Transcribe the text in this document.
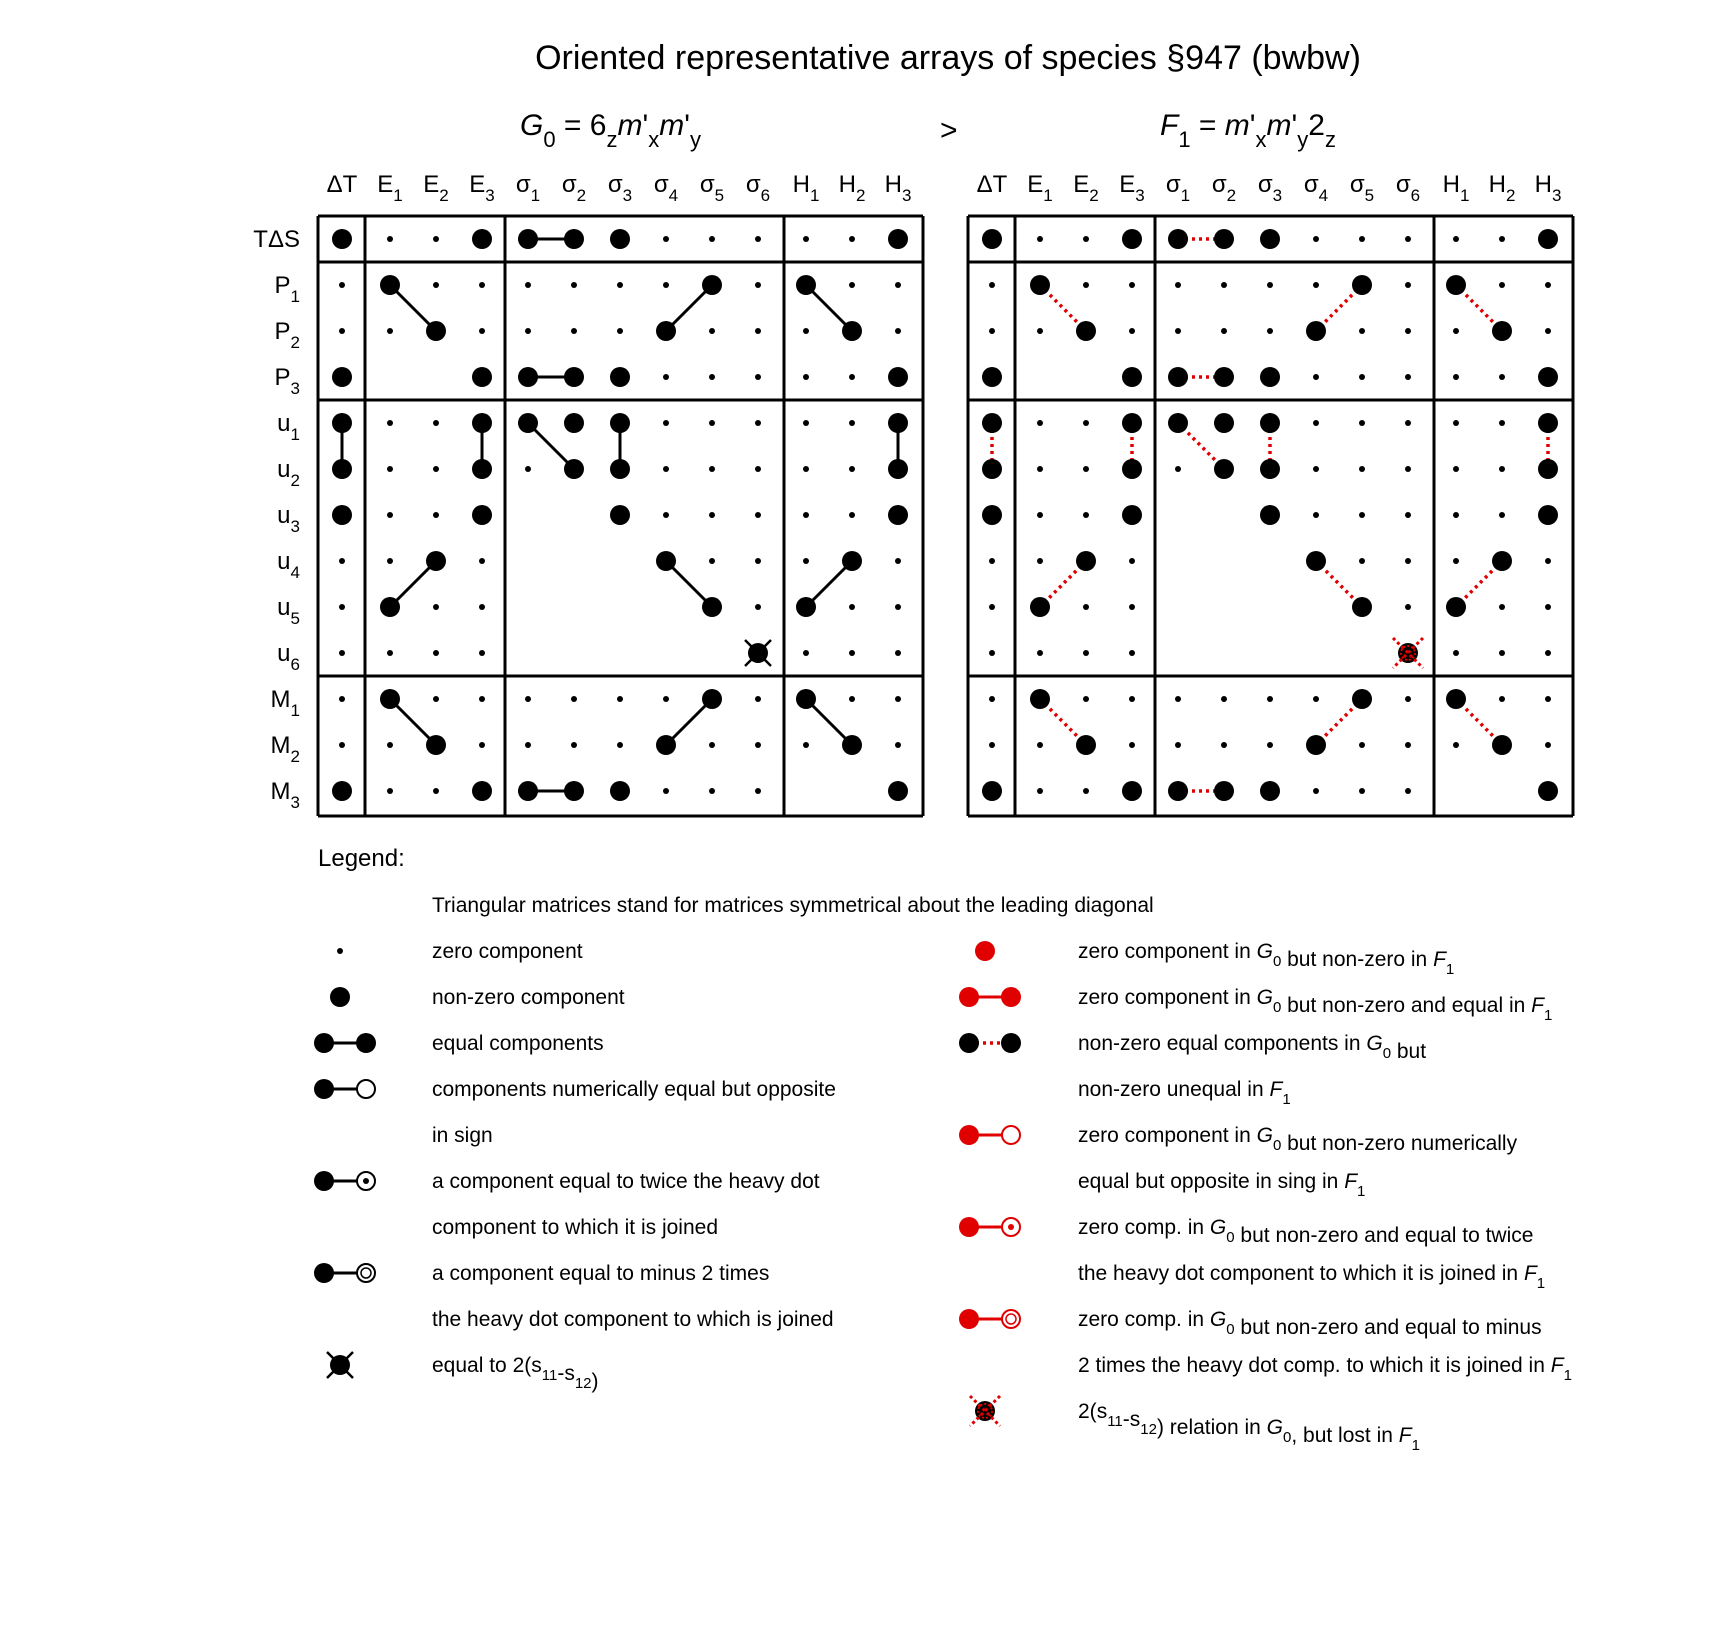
Oriented representative arrays of species §947 (bwbw)
$G_0 = 6_zm'_xm'_y$	>	$F_1 = m'_xm'_y2_z$
ΔT $E_1$ $E_2$ $E_3$ $\sigma_1$ $\sigma_2$ $\sigma_3$ $\sigma_4$ $\sigma_5$ $\sigma_6$ $H_1$ $H_2$ $H_3$
TΔS
$P_1$
$P_2$
$P_3$
$u_1$
$u_2$
$u_3$
$u_4$
$u_5$
$u_6$
$M_1$
$M_2$
$M_3$
ΔT $E_1$ $E_2$ $E_3$ $\sigma_1$ $\sigma_2$ $\sigma_3$ $\sigma_4$ $\sigma_5$ $\sigma_6$ $H_1$ $H_2$ $H_3$
Legend:
Triangular matrices stand for matrices symmetrical about the leading diagonal
zero component
non-zero component
equal components
components numerically equal but opposite
in sign
a component equal to twice the heavy dot
component to which it is joined
a component equal to minus 2 times
the heavy dot component to which is joined
equal to $2(s_{11}-s_{12})$
zero component in $G_0$ but non-zero in $F_1$
zero component in $G_0$ but non-zero and equal in $F_1$
non-zero equal components in $G_0$ but
non-zero unequal in $F_1$
zero component in $G_0$ but non-zero numerically
equal but opposite in sing in $F_1$
zero comp. in $G_0$ but non-zero and equal to twice
the heavy dot component to which it is joined in $F_1$
zero comp. in $G_0$ but non-zero and equal to minus
2 times the heavy dot comp. to which it is joined in $F_1$
$2(s_{11}-s_{12})$ relation in $G_0$, but lost in $F_1$
